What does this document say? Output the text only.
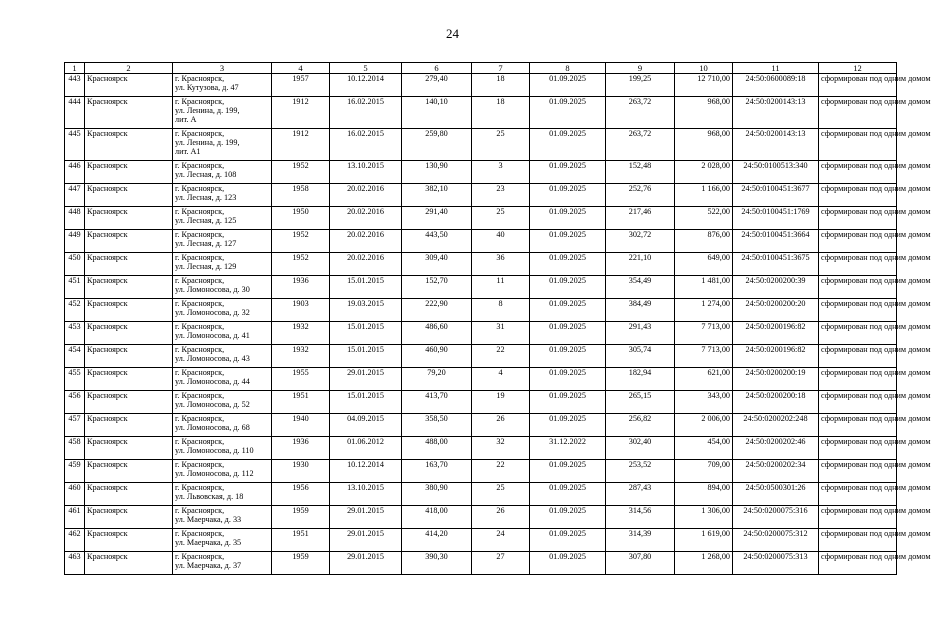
24
1	2	3	4	5	6	7	8	9	10	11	12
443	Красноярск	г. Красноярск,
ул. Кутузова, д. 47	1957	10.12.2014	279,40	18	01.09.2025	199,25	12 710,00	24:50:0600089:18	сформирован под одним домом
444	Красноярск	г. Красноярск,
ул. Ленина, д. 199,
лит. А	1912	16.02.2015	140,10	18	01.09.2025	263,72	968,00	24:50:0200143:13	сформирован под одним домом
445	Красноярск	г. Красноярск,
ул. Ленина, д. 199,
лит. А1	1912	16.02.2015	259,80	25	01.09.2025	263,72	968,00	24:50:0200143:13	сформирован под одним домом
446	Красноярск	г. Красноярск,
ул. Лесная, д. 108	1952	13.10.2015	130,90	3	01.09.2025	152,48	2 028,00	24:50:0100513:340	сформирован под одним домом
447	Красноярск	г. Красноярск,
ул. Лесная, д. 123	1958	20.02.2016	382,10	23	01.09.2025	252,76	1 166,00	24:50:0100451:3677	сформирован под одним домом
448	Красноярск	г. Красноярск,
ул. Лесная, д. 125	1950	20.02.2016	291,40	25	01.09.2025	217,46	522,00	24:50:0100451:1769	сформирован под одним домом
449	Красноярск	г. Красноярск,
ул. Лесная, д. 127	1952	20.02.2016	443,50	40	01.09.2025	302,72	876,00	24:50:0100451:3664	сформирован под одним домом
450	Красноярск	г. Красноярск,
ул. Лесная, д. 129	1952	20.02.2016	309,40	36	01.09.2025	221,10	649,00	24:50:0100451:3675	сформирован под одним домом
451	Красноярск	г. Красноярск,
ул. Ломоносова, д. 30	1936	15.01.2015	152,70	11	01.09.2025	354,49	1 481,00	24:50:0200200:39	сформирован под одним домом
452	Красноярск	г. Красноярск,
ул. Ломоносова, д. 32	1903	19.03.2015	222,90	8	01.09.2025	384,49	1 274,00	24:50:0200200:20	сформирован под одним домом
453	Красноярск	г. Красноярск,
ул. Ломоносова, д. 41	1932	15.01.2015	486,60	31	01.09.2025	291,43	7 713,00	24:50:0200196:82	сформирован под одним домом
454	Красноярск	г. Красноярск,
ул. Ломоносова, д. 43	1932	15.01.2015	460,90	22	01.09.2025	305,74	7 713,00	24:50:0200196:82	сформирован под одним домом
455	Красноярск	г. Красноярск,
ул. Ломоносова, д. 44	1955	29.01.2015	79,20	4	01.09.2025	182,94	621,00	24:50:0200200:19	сформирован под одним домом
456	Красноярск	г. Красноярск,
ул. Ломоносова, д. 52	1951	15.01.2015	413,70	19	01.09.2025	265,15	343,00	24:50:0200200:18	сформирован под одним домом
457	Красноярск	г. Красноярск,
ул. Ломоносова, д. 68	1940	04.09.2015	358,50	26	01.09.2025	256,82	2 006,00	24:50:0200202:248	сформирован под одним домом
458	Красноярск	г. Красноярск,
ул. Ломоносова, д. 110	1936	01.06.2012	488,00	32	31.12.2022	302,40	454,00	24:50:0200202:46	сформирован под одним домом
459	Красноярск	г. Красноярск,
ул. Ломоносова, д. 112	1930	10.12.2014	163,70	22	01.09.2025	253,52	709,00	24:50:0200202:34	сформирован под одним домом
460	Красноярск	г. Красноярск,
ул. Львовская, д. 18	1956	13.10.2015	380,90	25	01.09.2025	287,43	894,00	24:50:0500301:26	сформирован под одним домом
461	Красноярск	г. Красноярск,
ул. Маерчака, д. 33	1959	29.01.2015	418,00	26	01.09.2025	314,56	1 306,00	24:50:0200075:316	сформирован под одним домом
462	Красноярск	г. Красноярск,
ул. Маерчака, д. 35	1951	29.01.2015	414,20	24	01.09.2025	314,39	1 619,00	24:50:0200075:312	сформирован под одним домом
463	Красноярск	г. Красноярск,
ул. Маерчака, д. 37	1959	29.01.2015	390,30	27	01.09.2025	307,80	1 268,00	24:50:0200075:313	сформирован под одним домом
